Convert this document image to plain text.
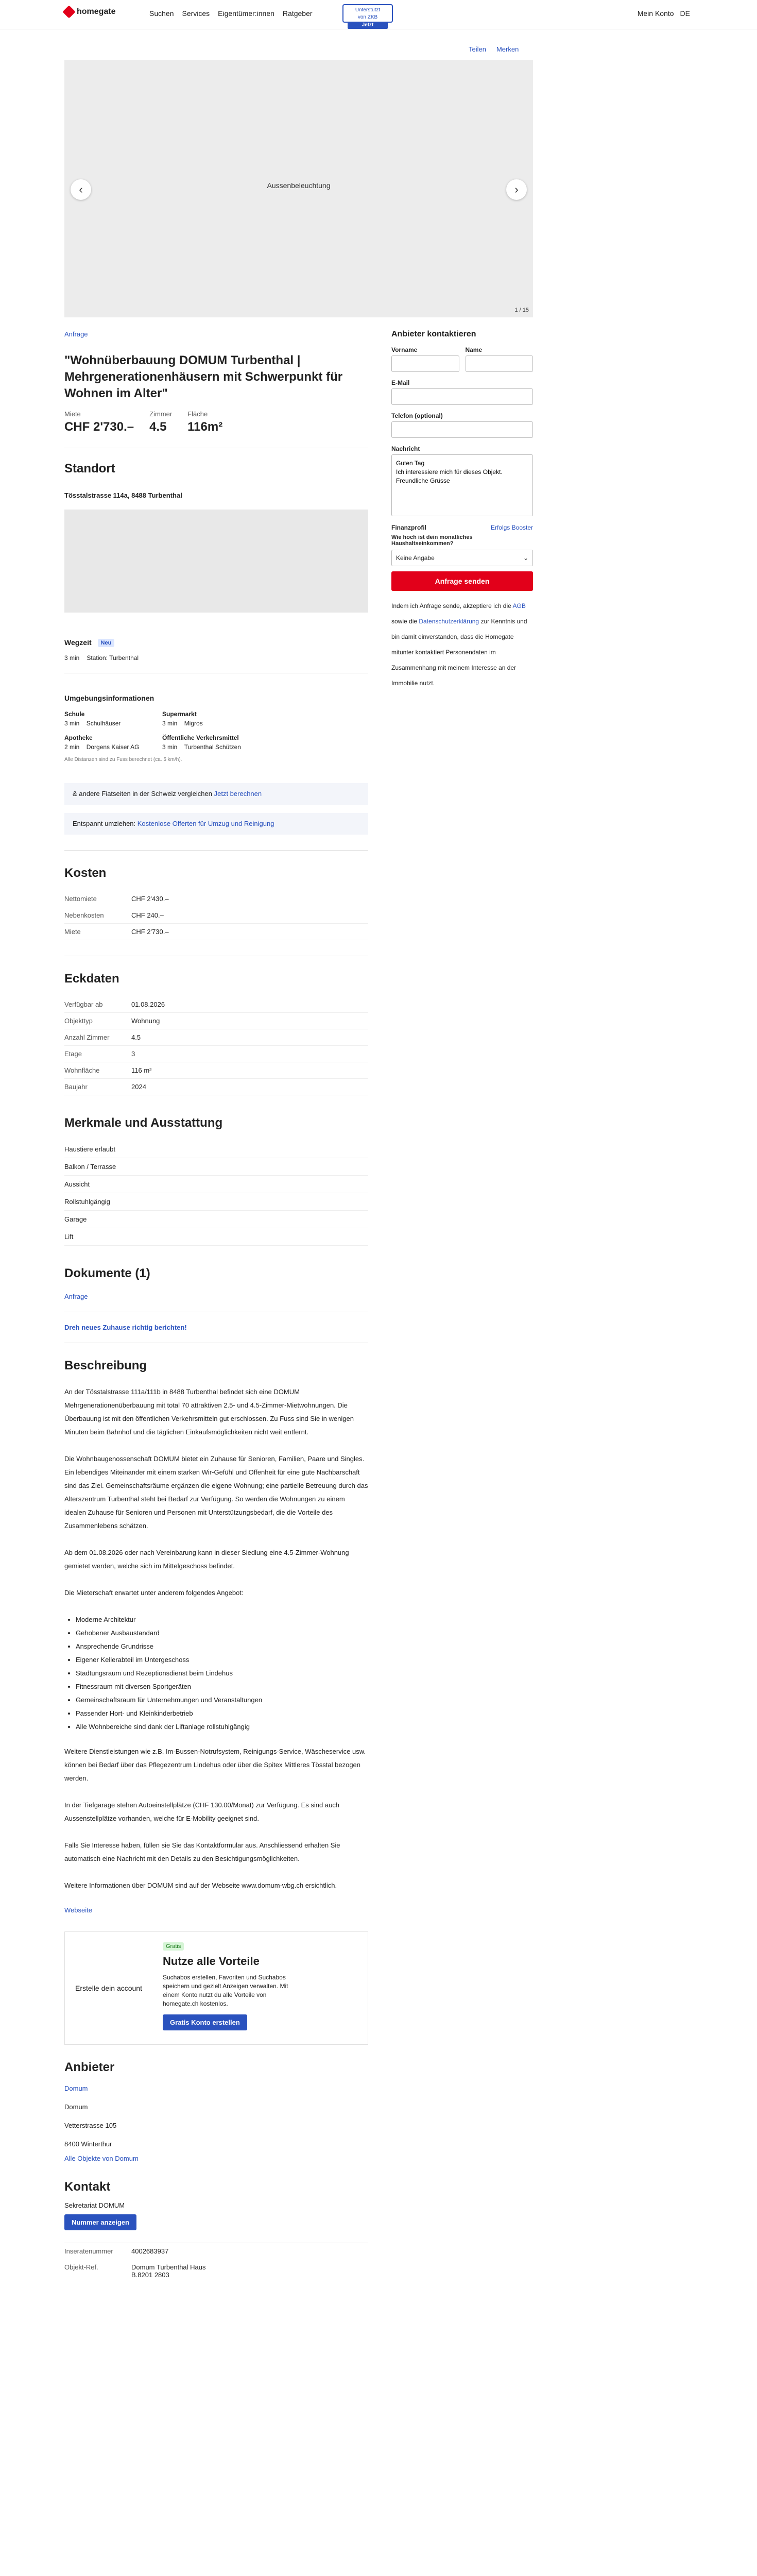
homegate	Suchen Services Eigentümer:innen Ratgeber	Unterstützt
von ZKB
Jetzt
Mein Konto DE
Teilen Merken
Aussenbeleuchtung
‹	›
1 / 15
Anfrage
"Wohnüberbauung DOMUM Turbenthal | Mehrgenerationenhäusern mit Schwerpunkt für Wohnen im Alter"
Miete
CHF 2'730.–
Zimmer
4.5
Fläche
116m²
Standort
Tösstalstrasse 114a, 8488 Turbenthal
Wegzeit Neu
3 min Station: Turbenthal
Umgebungsinformationen
Schule
3 min Schulhäuser
Supermarkt
3 min Migros
Apotheke
2 min Dorgens Kaiser AG
Öffentliche Verkehrsmittel
3 min Turbenthal Schützen
Alle Distanzen sind zu Fuss berechnet (ca. 5 km/h).
& andere Fiatseiten in der Schweiz vergleichen Jetzt berechnen
Entspannt umziehen: Kostenlose Offerten für Umzug und Reinigung
Kosten
Nettomiete	CHF 2'430.–
Nebenkosten	CHF 240.–
Miete	CHF 2'730.–
Eckdaten
Verfügbar ab	01.08.2026
Objekttyp	Wohnung
Anzahl Zimmer	4.5
Etage	3
Wohnfläche	116 m²
Baujahr	2024
Merkmale und Ausstattung
Haustiere erlaubt
Balkon / Terrasse
Aussicht
Rollstuhlgängig
Garage
Lift
Dokumente (1)
Anfrage
Dreh neues Zuhause richtig berichten!
Beschreibung

An der Tösstalstrasse 111a/111b in 8488 Turbenthal befindet sich eine DOMUM Mehrgenerationenüberbauung mit total 70 attraktiven 2.5- und 4.5-Zimmer-Mietwohnungen. Die Überbauung ist mit den öffentlichen Verkehrsmitteln gut erschlossen. Zu Fuss sind Sie in wenigen Minuten beim Bahnhof und die täglichen Einkaufsmöglichkeiten nicht weit entfernt.

Die Wohnbaugenossenschaft DOMUM bietet ein Zuhause für Senioren, Familien, Paare und Singles. Ein lebendiges Miteinander mit einem starken Wir-Gefühl und Offenheit für eine gute Nachbarschaft sind das Ziel. Gemeinschaftsräume ergänzen die eigene Wohnung; eine partielle Betreuung durch das Alterszentrum Turbenthal steht bei Bedarf zur Verfügung. So werden die Wohnungen zu einem idealen Zuhause für Senioren und Personen mit Unterstützungsbedarf, die die Vorteile des Zusammenlebens schätzen.

Ab dem 01.08.2026 oder nach Vereinbarung kann in dieser Siedlung eine 4.5-Zimmer-Wohnung gemietet werden, welche sich im Mittelgeschoss befindet.

Die Mieterschaft erwartet unter anderem folgendes Angebot:

• Moderne Architektur
• Gehobener Ausbaustandard
• Ansprechende Grundrisse
• Eigener Kellerabteil im Untergeschoss
• Stadtungsraum und Rezeptionsdienst beim Lindehus
• Fitnessraum mit diversen Sportgeräten
• Gemeinschaftsraum für Unternehmungen und Veranstaltungen
• Passender Hort- und Kleinkinderbetrieb
• Alle Wohnbereiche sind dank der Liftanlage rollstuhlgängig

Weitere Dienstleistungen wie z.B. Im-Bussen-Notrufsystem, Reinigungs-Service, Wäscheservice usw. können bei Bedarf über das Pflegezentrum Lindehus oder über die Spitex Mittleres Tösstal bezogen werden.

In der Tiefgarage stehen Autoeinstellplätze (CHF 130.00/Monat) zur Verfügung. Es sind auch Aussenstellplätze vorhanden, welche für E-Mobility geeignet sind.

Falls Sie Interesse haben, füllen sie Sie das Kontaktformular aus. Anschliessend erhalten Sie automatisch eine Nachricht mit den Details zu den Besichtigungsmöglichkeiten.

Weitere Informationen über DOMUM sind auf der Webseite www.domum-wbg.ch ersichtlich.

Webseite
Erstelle dein account
Gratis
Nutze alle Vorteile
Suchabos erstellen, Favoriten und Suchabos speichern und gezielt Anzeigen verwalten. Mit einem Konto nutzt du alle Vorteile von homegate.ch kostenlos.
Gratis Konto erstellen
Anbieter
Domum
Domum
Vetterstrasse 105
8400 Winterthur
Alle Objekte von Domum
Kontakt
Sekretariat DOMUM
Nummer anzeigen
Inseratenummer	4002683937
Objekt-Ref.	Domum Turbenthal Haus B.8201 2803
Anbieter kontaktieren
Vorname	Name
E-Mail
Telefon (optional)
Nachricht
Guten Tag Ich interessiere mich für dieses Objekt. Freundliche Grüsse
Finanzprofil	Erfolgs Booster
Wie hoch ist dein monatliches Haushaltseinkommen?
Keine Angabe	⌄
Anfrage senden
Indem ich Anfrage sende, akzeptiere ich die AGB sowie die Datenschutzerklärung zur Kenntnis und bin damit einverstanden, dass die Homegate mitunter kontaktiert Personendaten im Zusammenhang mit meinem Interesse an der Immobilie nutzt.
